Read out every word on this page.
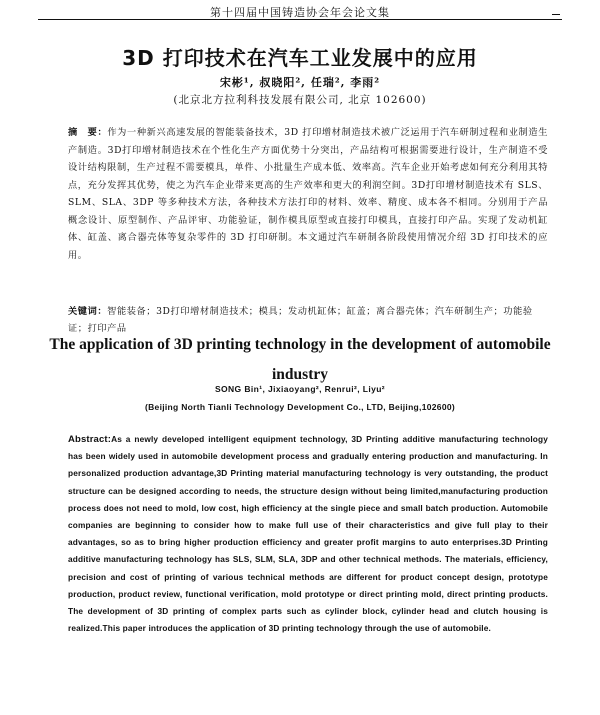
第十四届中国铸造协会年会论文集
3D 打印技术在汽车工业发展中的应用
宋彬¹, 叔晓阳², 任瑞², 李雨²
(北京北方拉利科技发展有限公司, 北京 102600)
摘　要：作为一种新兴高速发展的智能装备技术，3D 打印增材制造技术被广泛运用于汽车研制过程和业制造生产制造。3D打印增材制造技术在个性化生产方面优势十分突出，产品结构可根据需要进行设计，生产制造不受设计结构限制，生产过程不需要模具，单件、小批量生产成本低、效率高。汽车企业开始考虑如何充分利用其特点，充分发挥其优势，使之为汽车企业带来更高的生产效率和更大的利润空间。3D打印增材制造技术有 SLS、SLM、SLA、3DP 等多种技术方法，各种技术方法打印的材料、效率、精度、成本各不相同。分别用于产品概念设计、原型制作、产品评审、功能验证，制作模具原型或直接打印模具，直接打印产品。实现了发动机缸体、缸盖、离合器壳体等复杂零件的 3D 打印研制。本文通过汽车研制各阶段使用情况介绍 3D 打印技术的应用。
关键词：智能装备；3D打印增材制造技术；模具；发动机缸体；缸盖；离合器壳体；汽车研制生产；功能验证；打印产品
The application of 3D printing technology in the development of automobile industry
SONG Bin¹, Jixiaoyang², Renrui², Liyu²
(Beijing North Tianli Technology Development Co., LTD, Beijing,102600)
Abstract:As a newly developed intelligent equipment technology, 3D Printing additive manufacturing technology has been widely used in automobile development process and gradually entering production and manufacturing. In personalized production advantage,3D Printing material manufacturing technology is very outstanding, the product structure can be designed according to needs, the structure design without being limited,manufacturing production process does not need to mold, low cost, high efficiency at the single piece and small batch production. Automobile companies are beginning to consider how to make full use of their characteristics and give full play to their advantages, so as to bring higher production efficiency and greater profit margins to auto enterprises.3D Printing additive manufacturing technology has SLS, SLM, SLA, 3DP and other technical methods. The materials, efficiency, precision and cost of printing of various technical methods are different for product concept design, prototype production, product review, functional verification, mold prototype or direct printing mold, direct printing products. The development of 3D printing of complex parts such as cylinder block, cylinder head and clutch housing is realized.This paper introduces the application of 3D printing technology through the use of automobile.
